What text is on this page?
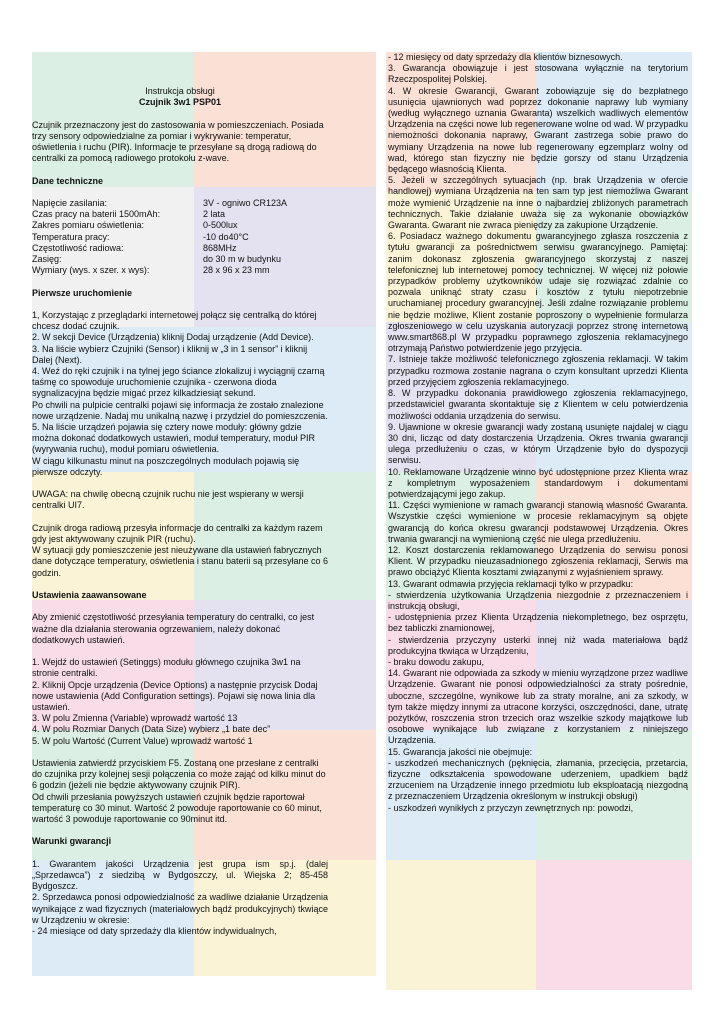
Instrukcja obsługi

Czujnik 3w1 PSP01

Czujnik przeznaczony jest do zastosowania w pomieszczeniach. Posiada trzy sensory odpowiedzialne za pomiar i wykrywanie: temperatur, oświetlenia i ruchu (PIR). Informacje te przesyłane są drogą radiową do centralki za pomocą radiowego protokołu z-wave.

Dane techniczne

Napięcie zasilania:	3V - ogniwo CR123A
Czas pracy na baterii 1500mAh:	2 lata
Zakres pomiaru oświetlenia:	0-500lux
Temperatura pracy:	-10 do40°C
Częstotliwość radiowa:	868MHz
Zasięg:	do 30 m w budynku
Wymiary (wys. x szer. x wys):	28 x 96 x 23 mm

Pierwsze uruchomienie

1, Korzystając z przeglądarki internetowej połącz się centralką do której chcesz dodać czujnik.

2. W sekcji Device (Urządzenia) kliknij Dodaj urządzenie (Add Device).

3. Na liście wybierz Czujniki (Sensor) i kliknij w „3 in 1 sensor” i kliknij Dalej (Next).

4. Weź do ręki czujnik i na tylnej jego ściance zlokalizuj i wyciągnij czarną taśmę co spowoduje uruchomienie czujnika - czerwona dioda sygnalizacyjna będzie migać przez kilkadziesiąt sekund.

Po chwili na pulpicie centralki pojawi się informacja że zostało znalezione nowe urządzenie. Nadaj mu unikalną nazwę i przydziel do pomieszczenia.

5. Na liście urządzeń pojawia się cztery nowe moduły: główny gdzie można dokonać dodatkowych ustawień, moduł temperatury, moduł PIR (wyrywania ruchu), moduł pomiaru oświetlenia.

W ciągu kilkunastu minut na poszczególnych modułach pojawią się pierwsze odczyty.

UWAGA: na chwilę obecną czujnik ruchu nie jest wspierany w wersji centralki UI7.

Czujnik droga radiową przesyła informacje do centralki za każdym razem gdy jest aktywowany czujnik PIR (ruchu).

W sytuacji gdy pomieszczenie jest nieużywane dla ustawień fabrycznych dane dotyczące temperatury, oświetlenia i stanu baterii są przesyłane co 6 godzin.

Ustawienia zaawansowane

Aby zmienić częstotliwość przesyłania temperatury do centralki, co jest ważne dla działania sterowania ogrzewaniem, należy dokonać dodatkowych ustawień.

1. Wejdź do ustawień (Setinggs) modułu głównego czujnika 3w1 na stronie centralki.

2. Kliknij Opcje urządzenia (Device Options) a następnie przycisk Dodaj nowe ustawienia (Add Configuration settings). Pojawi się nowa linia dla ustawień.

3. W polu Zmienna (Variable) wprowadź wartość 13

4. W polu Rozmiar Danych (Data Size) wybierz „1 bate dec”

5. W polu Wartość (Current Value) wprowadź wartość 1

Ustawienia zatwierdź przyciskiem F5. Zostaną one przesłane z centralki do czujnika przy kolejnej sesji połączenia co może zająć od kilku minut do 6 godzin (jeżeli nie będzie aktywowany czujnik PIR).

Od chwili przesłania powyższych ustawień czujnik będzie raportował temperaturę co 30 minut. Wartość 2 powoduje raportowanie co 60 minut, wartość 3 powoduje raportowanie co 90minut itd.

Warunki gwarancji

1. Gwarantem jakości Urządzenia jest grupa ism sp.j. (dalej „Sprzedawca”) z siedzibą w Bydgoszczy, ul. Wiejska 2; 85-458 Bydgoszcz.

2. Sprzedawca ponosi odpowiedzialność za wadliwe działanie Urządzenia wynikające z wad fizycznych (materiałowych bądź produkcyjnych) tkwiące w Urządzeniu w okresie:

- 24 miesiące od daty sprzedaży dla klientów indywidualnych,

- 12 miesięcy od daty sprzedaży dla klientów biznesowych.

3. Gwarancja obowiązuje i jest stosowana wyłącznie na terytorium Rzeczpospolitej Polskiej.

4. W okresie Gwarancji, Gwarant zobowiązuje się do bezpłatnego usunięcia ujawnionych wad poprzez dokonanie naprawy lub wymiany (według wyłącznego uznania Gwaranta) wszelkich wadliwych elementów Urządzenia na części nowe lub regenerowane wolne od wad. W przypadku niemożności dokonania naprawy, Gwarant zastrzega sobie prawo do wymiany Urządzenia na nowe lub regenerowany egzemplarz wolny od wad, którego stan fizyczny nie będzie gorszy od stanu Urządzenia będącego własnością Klienta.

5. Jeżeli w szczególnych sytuacjach (np. brak Urządzenia w ofercie handlowej) wymiana Urządzenia na ten sam typ jest niemożliwa Gwarant może wymienić Urządzenie na inne o najbardziej zbliżonych parametrach technicznych. Takie działanie uważa się za wykonanie obowiązków Gwaranta. Gwarant nie zwraca pieniędzy za zakupione Urządzenie.

6. Posiadacz ważnego dokumentu gwarancyjnego zgłasza roszczenia z tytułu gwarancji za pośrednictwem serwisu gwarancyjnego. Pamiętaj: zanim dokonasz zgłoszenia gwarancyjnego skorzystaj z naszej telefonicznej lub internetowej pomocy technicznej. W więcej niż połowie przypadków problemy użytkowników udaje się rozwiązać zdalnie co pozwala uniknąć straty czasu i kosztów z tytułu niepotrzebnie uruchamianej procedury gwarancyjnej. Jeśli zdalne rozwiązanie problemu nie będzie możliwe, Klient zostanie poproszony o wypełnienie formularza zgłoszeniowego w celu uzyskania autoryzacji poprzez stronę internetową www.smart868.pl W przypadku poprawnego zgłoszenia reklamacyjnego otrzymają Państwo potwierdzenie jego przyjęcia.

7. Istnieje także możliwość telefonicznego zgłoszenia reklamacji. W takim przypadku rozmowa zostanie nagrana o czym konsultant uprzedzi Klienta przed przyjęciem zgłoszenia reklamacyjnego.

8. W przypadku dokonania prawidłowego zgłoszenia reklamacyjnego, przedstawiciel gwaranta skontaktuje się z Klientem w celu potwierdzenia możliwości oddania urządzenia do serwisu.

9. Ujawnione w okresie gwarancji wady zostaną usunięte najdalej w ciągu 30 dni, licząc od daty dostarczenia Urządzenia. Okres trwania gwarancji ulega przedłużeniu o czas, w którym Urządzenie było do dyspozycji serwisu.

10. Reklamowane Urządzenie winno być udostępnione przez Klienta wraz z kompletnym wyposażeniem standardowym i dokumentami potwierdzającymi jego zakup.

11. Części wymienione w ramach gwarancji stanowią własność Gwaranta. Wszystkie części wymienione w procesie reklamacyjnym są objęte gwarancją do końca okresu gwarancji podstawowej Urządzenia. Okres trwania gwarancji na wymienioną część nie ulega przedłużeniu.

12. Koszt dostarczenia reklamowanego Urządzenia do serwisu ponosi Klient. W przypadku nieuzasadnionego zgłoszenia reklamacji, Serwis ma prawo obciążyć Klienta kosztami związanymi z wyjaśnieniem sprawy.

13. Gwarant odmawia przyjęcia reklamacji tylko w przypadku:

- stwierdzenia użytkowania Urządzenia niezgodnie z przeznaczeniem i instrukcją obsługi,

- udostępnienia przez Klienta Urządzenia niekompletnego, bez osprzętu, bez tabliczki znamionowej,

- stwierdzenia przyczyny usterki innej niż wada materiałowa bądź produkcyjna tkwiąca w Urządzeniu,

- braku dowodu zakupu,

14. Gwarant nie odpowiada za szkody w mieniu wyrządzone przez wadliwe Urządzenie. Gwarant nie ponosi odpowiedzialności za straty pośrednie, uboczne, szczególne, wynikowe lub za straty moralne, ani za szkody, w tym także między innymi za utracone korzyści, oszczędności, dane, utratę pożytków, roszczenia stron trzecich oraz wszelkie szkody majątkowe lub osobowe wynikające lub związane z korzystaniem z niniejszego Urządzenia.

15. Gwarancja jakości nie obejmuje:

- uszkodzeń mechanicznych (pęknięcia, złamania, przecięcia, przetarcia, fizyczne odkształcenia spowodowane uderzeniem, upadkiem bądź zrzuceniem na Urządzenie innego przedmiotu lub eksploatacją niezgodną z przeznaczeniem Urządzenia określonym w instrukcji obsługi)

- uszkodzeń wynikłych z przyczyn zewnętrznych np: powodzi,
